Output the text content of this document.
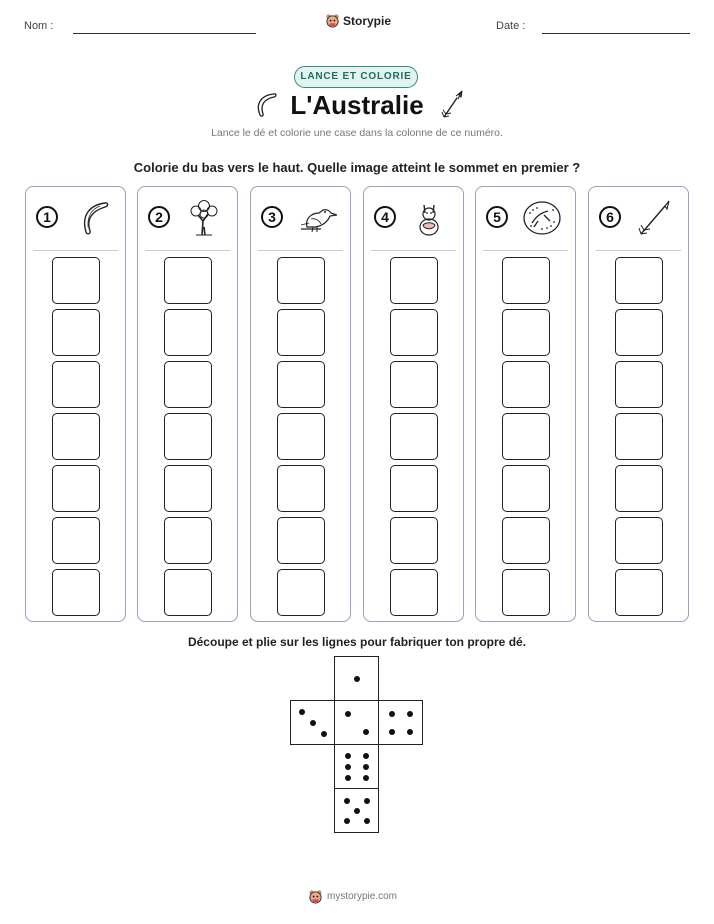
Nom :	Storypie	Date :
LANCE ET COLORIE
L'Australie
Lance le dé et colorie une case dans la colonne de ce numéro.
Colorie du bas vers le haut. Quelle image atteint le sommet en premier ?
1	2	3	4	5	6
Découpe et plie sur les lignes pour fabriquer ton propre dé.
mystorypie.com
